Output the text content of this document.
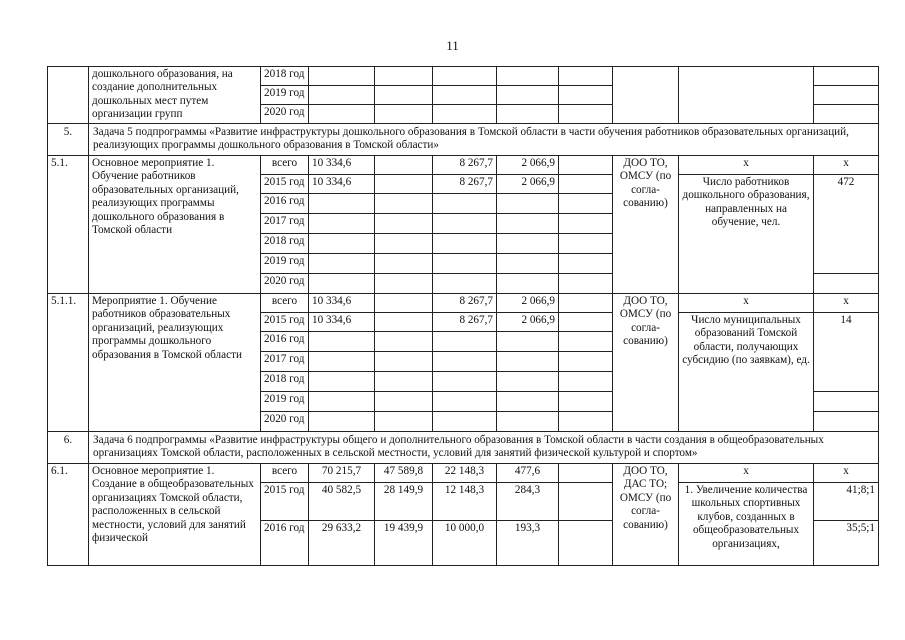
11
	дошкольного образования, на создание дополнительных дошкольных мест путем организации групп	2018 год									
		2019 год									
		2020 год									
5.	Задача 5 подпрограммы «Развитие инфраструктуры дошкольного образования в Томской области в части обучения работников образовательных организаций, реализующих программы дошкольного образования в Томской области»										
5.1.	Основное мероприятие 1. Обучение работников образовательных организаций, реализующих программы дошкольного образования в Томской области	всего	10 334,6		8 267,7	2 066,9		ДОО ТО, ОМСУ (по согла-сованию)	х	х	
		2015 год	10 334,6		8 267,7	2 066,9			Число работников дошкольного образования, направленных на обучение, чел.	472	
		2016 год									
		2017 год									
		2018 год									
		2019 год									
		2020 год									
5.1.1.	Мероприятие 1. Обучение работников образовательных организаций, реализующих программы дошкольного образования в Томской области	всего	10 334,6		8 267,7	2 066,9		ДОО ТО, ОМСУ (по согла-сованию)	х	х	
		2015 год	10 334,6		8 267,7	2 066,9			Число муниципальных образований Томской области, получающих субсидию (по заявкам), ед.	14	
		2016 год									
		2017 год									
		2018 год									
		2019 год									
		2020 год									
6.	Задача 6 подпрограммы «Развитие инфраструктуры общего и дополнительного образования в Томской области в части создания в общеобразовательных организациях Томской области, расположенных в сельской местности, условий для занятий физической культурой и спортом»										
6.1.	Основное мероприятие 1. Создание в общеобразовательных организациях Томской области, расположенных в сельской местности, условий для занятий физической	всего	70 215,7	47 589,8	22 148,3	477,6		ДОО ТО, ДАС ТО; ОМСУ (по согла-сованию)	х	х	
		2015 год	40 582,5	28 149,9	12 148,3	284,3			1. Увеличение количества школьных спортивных клубов, созданных в общеобразовательных организациях,	41;8;1	
		2016 год	29 633,2	19 439,9	10 000,0	193,3				35;5;1	
